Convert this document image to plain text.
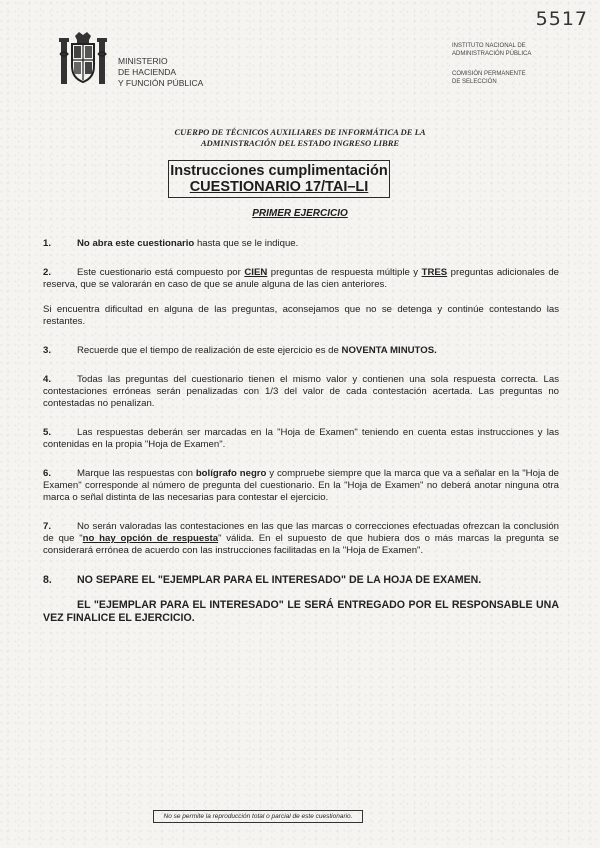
5517
MINISTERIO
DE HACIENDA
Y FUNCIÓN PÚBLICA
INSTITUTO NACIONAL DE
ADMINISTRACIÓN PÚBLICA
COMISIÓN PERMANENTE
DE SELECCIÓN
CUERPO DE TÉCNICOS AUXILIARES DE INFORMÁTICA DE LA
ADMINISTRACIÓN DEL ESTADO INGRESO LIBRE
Instrucciones cumplimentación
CUESTIONARIO 17/TAI–LI
PRIMER EJERCICIO

1.	No abra este cuestionario hasta que se le indique.

2.	Este cuestionario está compuesto por CIEN preguntas de respuesta múltiple y TRES preguntas adicionales de reserva, que se valorarán en caso de que se anule alguna de las cien anteriores.

Si encuentra dificultad en alguna de las preguntas, aconsejamos que no se detenga y continúe contestando las restantes.

3.	Recuerde que el tiempo de realización de este ejercicio es de NOVENTA MINUTOS.

4.	Todas las preguntas del cuestionario tienen el mismo valor y contienen una sola respuesta correcta. Las contestaciones erróneas serán penalizadas con 1/3 del valor de cada contestación acertada. Las preguntas no contestadas no penalizan.

5.	Las respuestas deberán ser marcadas en la "Hoja de Examen" teniendo en cuenta estas instrucciones y las contenidas en la propia "Hoja de Examen".

6.	Marque las respuestas con bolígrafo negro y compruebe siempre que la marca que va a señalar en la "Hoja de Examen" corresponde al número de pregunta del cuestionario. En la "Hoja de Examen" no deberá anotar ninguna otra marca o señal distinta de las necesarias para contestar el ejercicio.

7.	No serán valoradas las contestaciones en las que las marcas o correcciones efectuadas ofrezcan la conclusión de que "no hay opción de respuesta" válida. En el supuesto de que hubiera dos o más marcas la pregunta se considerará errónea de acuerdo con las instrucciones facilitadas en la "Hoja de Examen".

8. NO SEPARE EL "EJEMPLAR PARA EL INTERESADO" DE LA HOJA DE EXAMEN.

EL "EJEMPLAR PARA EL INTERESADO" LE SERÁ ENTREGADO POR EL RESPONSABLE UNA VEZ FINALICE EL EJERCICIO.

No se permite la reproducción total o parcial de este cuestionario.
